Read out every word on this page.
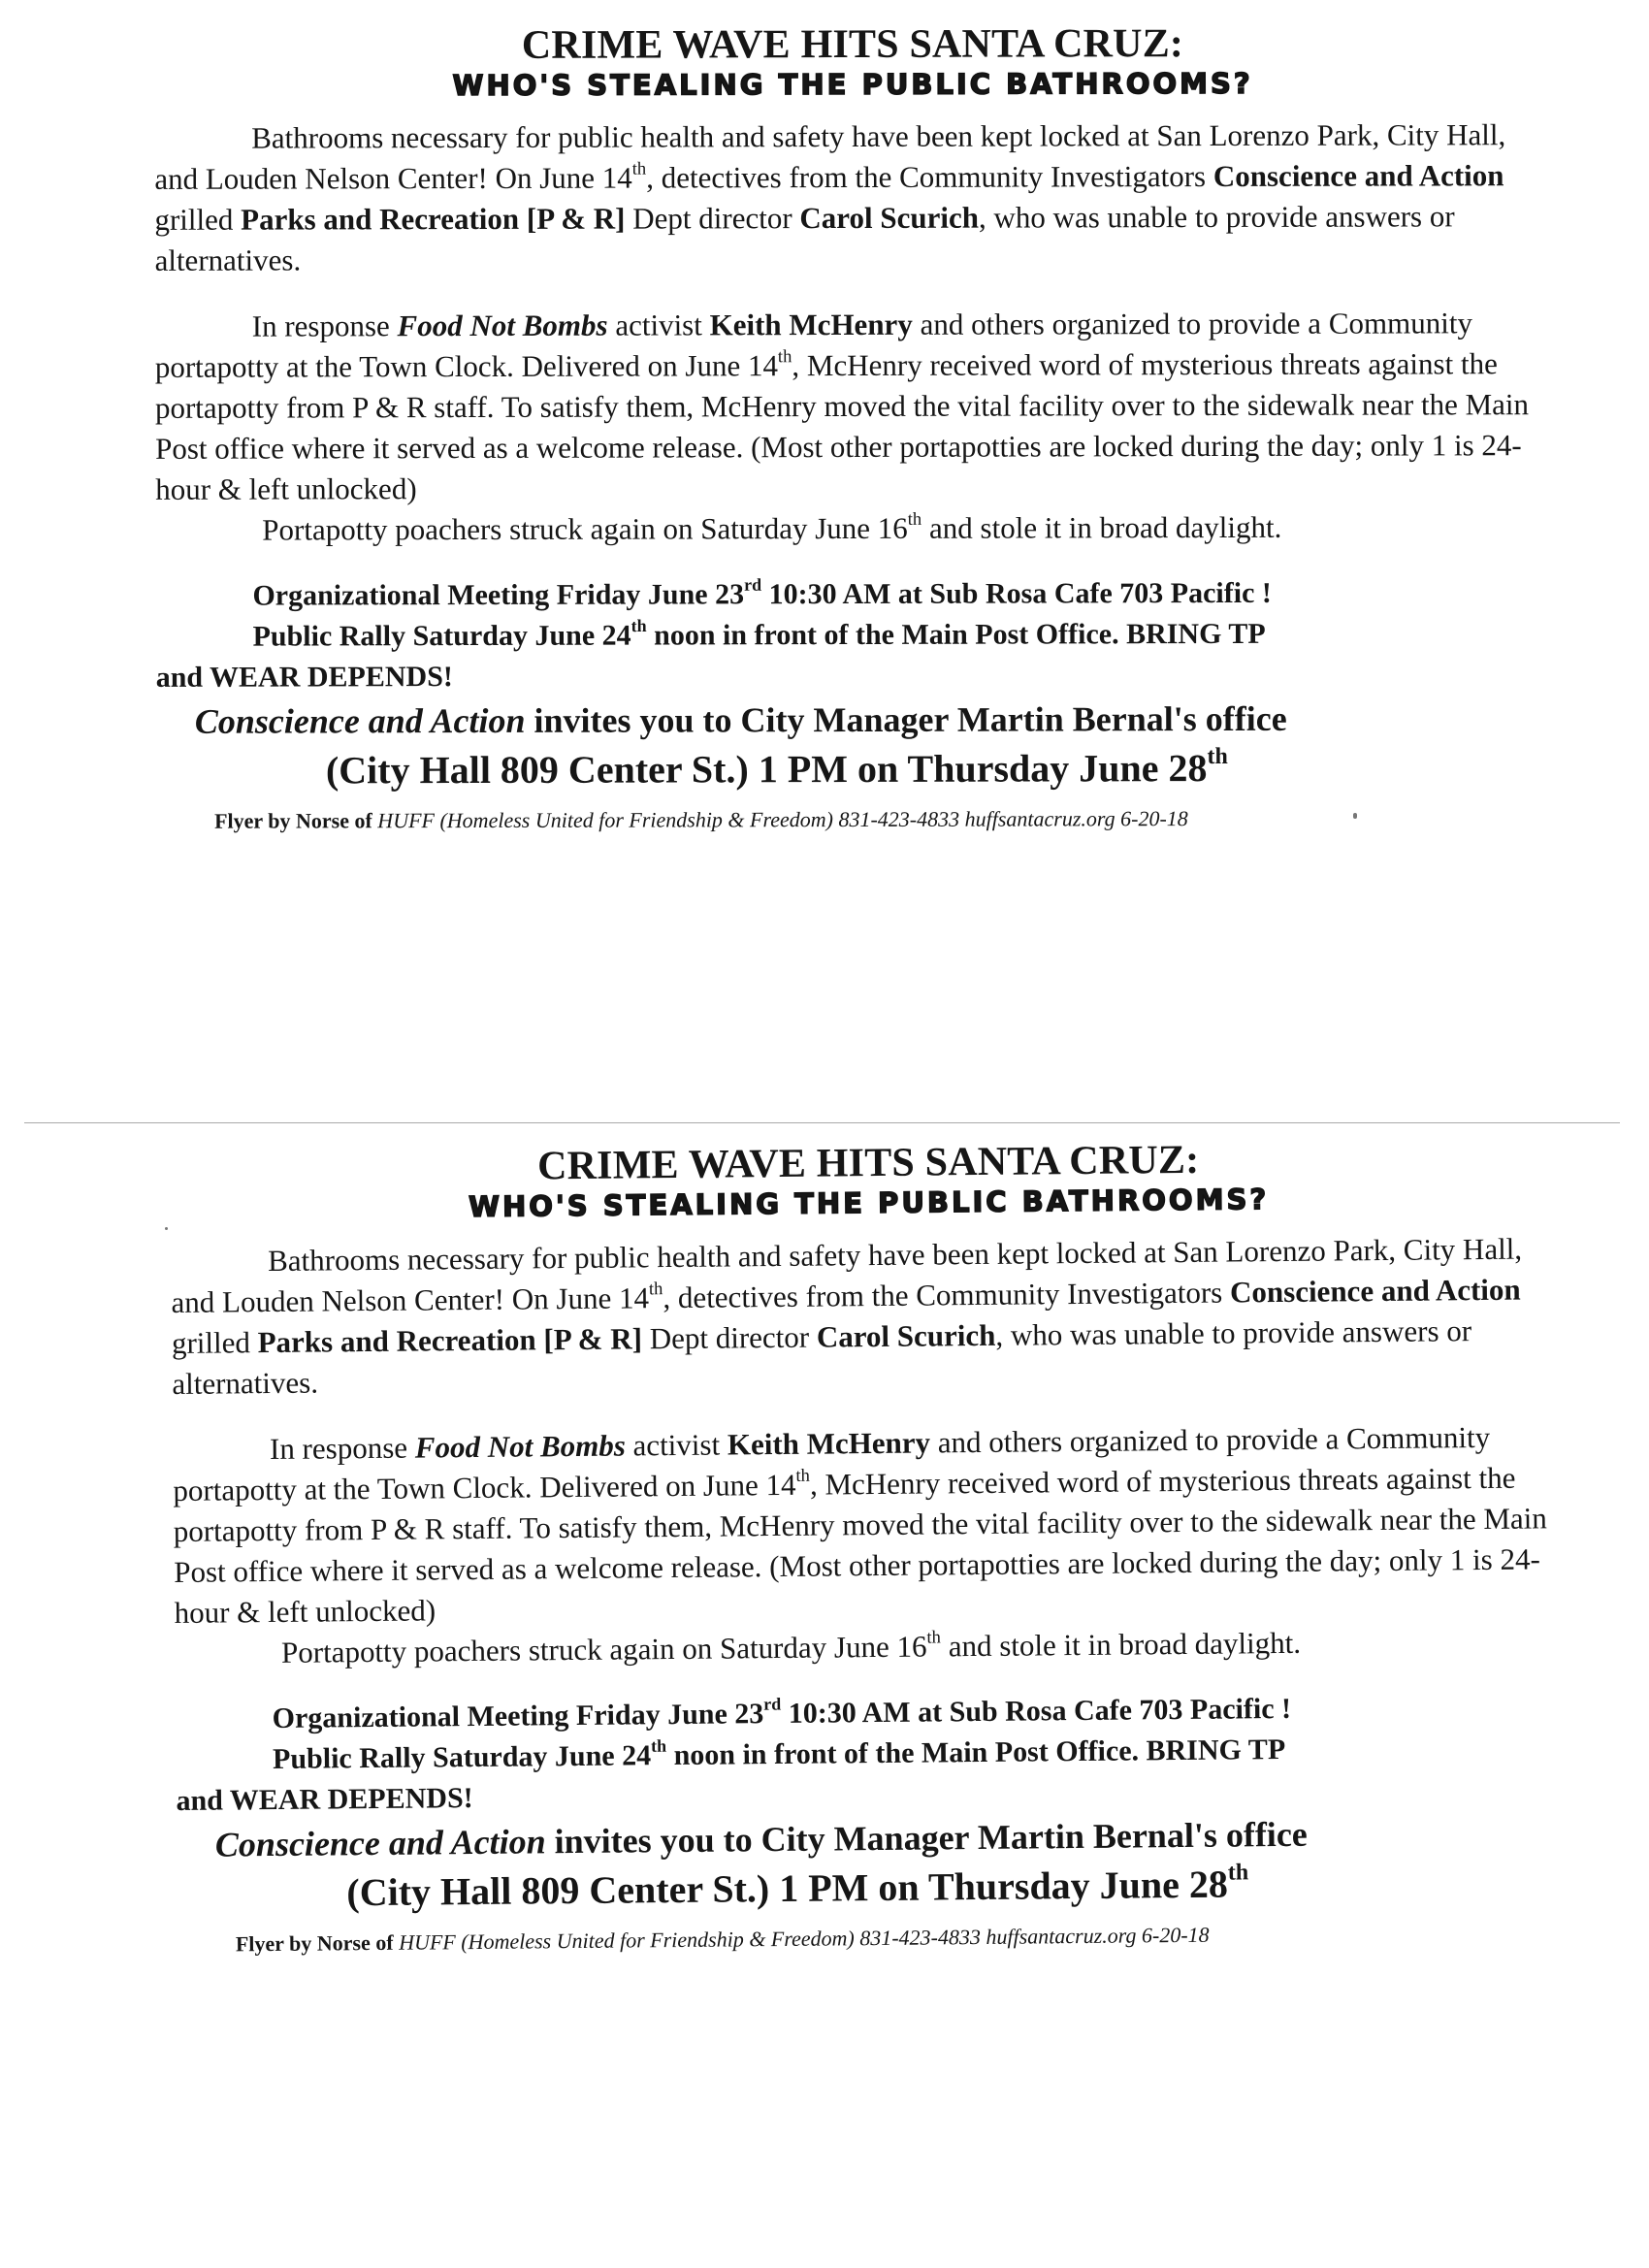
CRIME WAVE HITS SANTA CRUZ:
WHO'S STEALING THE PUBLIC BATHROOMS?

Bathrooms necessary for public health and safety have been kept locked at San Lorenzo Park, City Hall, and Louden Nelson Center! On June 14th, detectives from the Community Investigators Conscience and Action grilled Parks and Recreation [P & R] Dept director Carol Scurich, who was unable to provide answers or alternatives.

In response Food Not Bombs activist Keith McHenry and others organized to provide a Community portapotty at the Town Clock. Delivered on June 14th, McHenry received word of mysterious threats against the portapotty from P & R staff. To satisfy them, McHenry moved the vital facility over to the sidewalk near the Main Post office where it served as a welcome release. (Most other portapotties are locked during the day; only 1 is 24-hour & left unlocked)

Portapotty poachers struck again on Saturday June 16th and stole it in broad daylight.
Organizational Meeting Friday June 23rd 10:30 AM at Sub Rosa Cafe 703 Pacific !
Public Rally Saturday June 24th noon in front of the Main Post Office. BRING TP
and WEAR DEPENDS!
Conscience and Action invites you to City Manager Martin Bernal's office
(City Hall 809 Center St.) 1 PM on Thursday June 28th
Flyer by Norse of HUFF (Homeless United for Friendship & Freedom) 831-423-4833 huffsantacruz.org 6-20-18
CRIME WAVE HITS SANTA CRUZ:
WHO'S STEALING THE PUBLIC BATHROOMS?

Bathrooms necessary for public health and safety have been kept locked at San Lorenzo Park, City Hall, and Louden Nelson Center! On June 14th, detectives from the Community Investigators Conscience and Action grilled Parks and Recreation [P & R] Dept director Carol Scurich, who was unable to provide answers or alternatives.

In response Food Not Bombs activist Keith McHenry and others organized to provide a Community portapotty at the Town Clock. Delivered on June 14th, McHenry received word of mysterious threats against the portapotty from P & R staff. To satisfy them, McHenry moved the vital facility over to the sidewalk near the Main Post office where it served as a welcome release. (Most other portapotties are locked during the day; only 1 is 24-hour & left unlocked)

Portapotty poachers struck again on Saturday June 16th and stole it in broad daylight.
Organizational Meeting Friday June 23rd 10:30 AM at Sub Rosa Cafe 703 Pacific !
Public Rally Saturday June 24th noon in front of the Main Post Office. BRING TP
and WEAR DEPENDS!
Conscience and Action invites you to City Manager Martin Bernal's office
(City Hall 809 Center St.) 1 PM on Thursday June 28th
Flyer by Norse of HUFF (Homeless United for Friendship & Freedom) 831-423-4833 huffsantacruz.org 6-20-18
